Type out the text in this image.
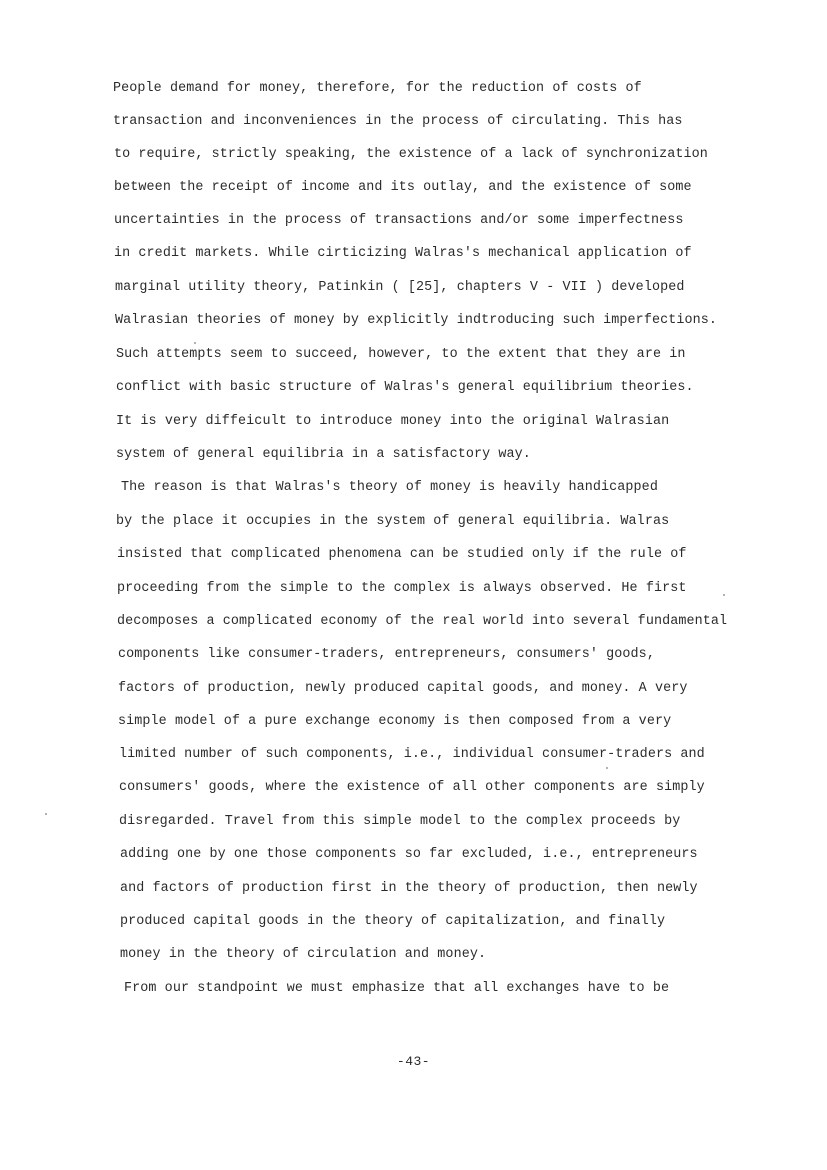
People demand for money, therefore, for the reduction of costs of
transaction and inconveniences in the process of circulating. This has
to require, strictly speaking, the existence of a lack of synchronization
between the receipt of income and its outlay, and the existence of some
uncertainties in the process of transactions and/or some imperfectness
in credit markets. While cirticizing Walras's mechanical application of
marginal utility theory, Patinkin ( [25], chapters V - VII ) developed
Walrasian theories of money by explicitly indtroducing such imperfections.
Such attempts seem to succeed, however, to the extent that they are in
conflict with basic structure of Walras's general equilibrium theories.
It is very diffeicult to introduce money into the original Walrasian
system of general equilibria in a satisfactory way.
The reason is that Walras's theory of money is heavily handicapped
by the place it occupies in the system of general equilibria. Walras
insisted that complicated phenomena can be studied only if the rule of
proceeding from the simple to the complex is always observed. He first
decomposes a complicated economy of the real world into several fundamental
components like consumer-traders, entrepreneurs, consumers' goods,
factors of production, newly produced capital goods, and money. A very
simple model of a pure exchange economy is then composed from a very
limited number of such components, i.e., individual consumer-traders and
consumers' goods, where the existence of all other components are simply
disregarded. Travel from this simple model to the complex proceeds by
adding one by one those components so far excluded, i.e., entrepreneurs
and factors of production first in the theory of production, then newly
produced capital goods in the theory of capitalization, and finally
money in the theory of circulation and money.
From our standpoint we must emphasize that all exchanges have to be
-43-
